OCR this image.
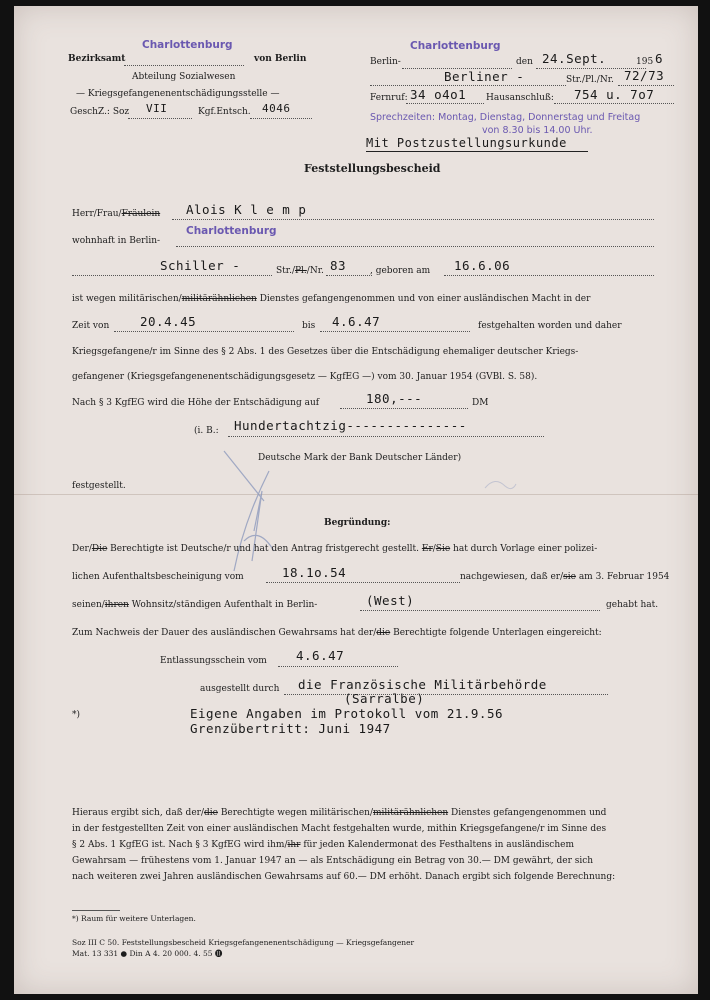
Bezirksamt
Charlottenburg
von Berlin
Abteilung Sozialwesen
— Kriegsgefangenenentschädigungsstelle —
GeschZ.: Soz VII	Kgf.Entsch. 4046
Berlin-
Charlottenburg
den 24.Sept.	195 6
Berliner -	Str./Pl./Nr. 72/73
Fernruf: 34 o4o1 Hausanschluß: 754 u. 7o7
Sprechzeiten: Montag, Dienstag, Donnerstag und Freitag
von 8.30 bis 14.00 Uhr.
Mit Postzustellungsurkunde
Feststellungsbescheid
Herr/Frau/Fräulein Alois K l e m p
wohnhaft in Berlin-
Charlottenburg
Schiller -	Str./Pl./Nr. 83	, geboren am 16.6.06
ist wegen militärischen/militärähnlichen Dienstes gefangengenommen und von einer ausländischen Macht in der
Zeit von 20.4.45	bis 4.6.47	festgehalten worden und daher
Kriegsgefangene/r im Sinne des § 2 Abs. 1 des Gesetzes über die Entschädigung ehemaliger deutscher Kriegs-
gefangener (Kriegsgefangenenentschädigungsgesetz — KgfEG —) vom 30. Januar 1954 (GVBl. S. 58).
Nach § 3 KgfEG wird die Höhe der Entschädigung auf	180,---	DM
(i. B.: Hundertachtzig---------------
Deutsche Mark der Bank Deutscher Länder)
festgestellt.
Begründung:
Der/Die Berechtigte ist Deutsche/r und hat den Antrag fristgerecht gestellt. Er/Sie hat durch Vorlage einer polizei-
lichen Aufenthaltsbescheinigung vom	18.1o.54	nachgewiesen, daß er/sie am 3. Februar 1954
seinen/ihren Wohnsitz/ständigen Aufenthalt in Berlin-	(West)	gehabt hat.
Zum Nachweis der Dauer des ausländischen Gewahrsams hat der/die Berechtigte folgende Unterlagen eingereicht:
Entlassungsschein vom 4.6.47
ausgestellt durch die Französische Militärbehörde
(Sarralbe)
*)	Eigene Angaben im Protokoll vom 21.9.56
Grenzübertritt: Juni 1947
Hieraus ergibt sich, daß der/die Berechtigte wegen militärischen/militärähnlichen Dienstes gefangengenommen und
in der festgestellten Zeit von einer ausländischen Macht festgehalten wurde, mithin Kriegsgefangene/r im Sinne des
§ 2 Abs. 1 KgfEG ist. Nach § 3 KgfEG wird ihm/ihr für jeden Kalendermonat des Festhaltens in ausländischem
Gewahrsam — frühestens vom 1. Januar 1947 an — als Entschädigung ein Betrag von 30.— DM gewährt, der sich
nach weiteren zwei Jahren ausländischen Gewahrsams auf 60.— DM erhöht. Danach ergibt sich folgende Berechnung:
*) Raum für weitere Unterlagen.
Soz III C 50. Feststellungsbescheid Kriegsgefangenenentschädigung — Kriegsgefangener
Mat. 13 331 ● Din A 4. 20 000. 4. 55 ⓫
